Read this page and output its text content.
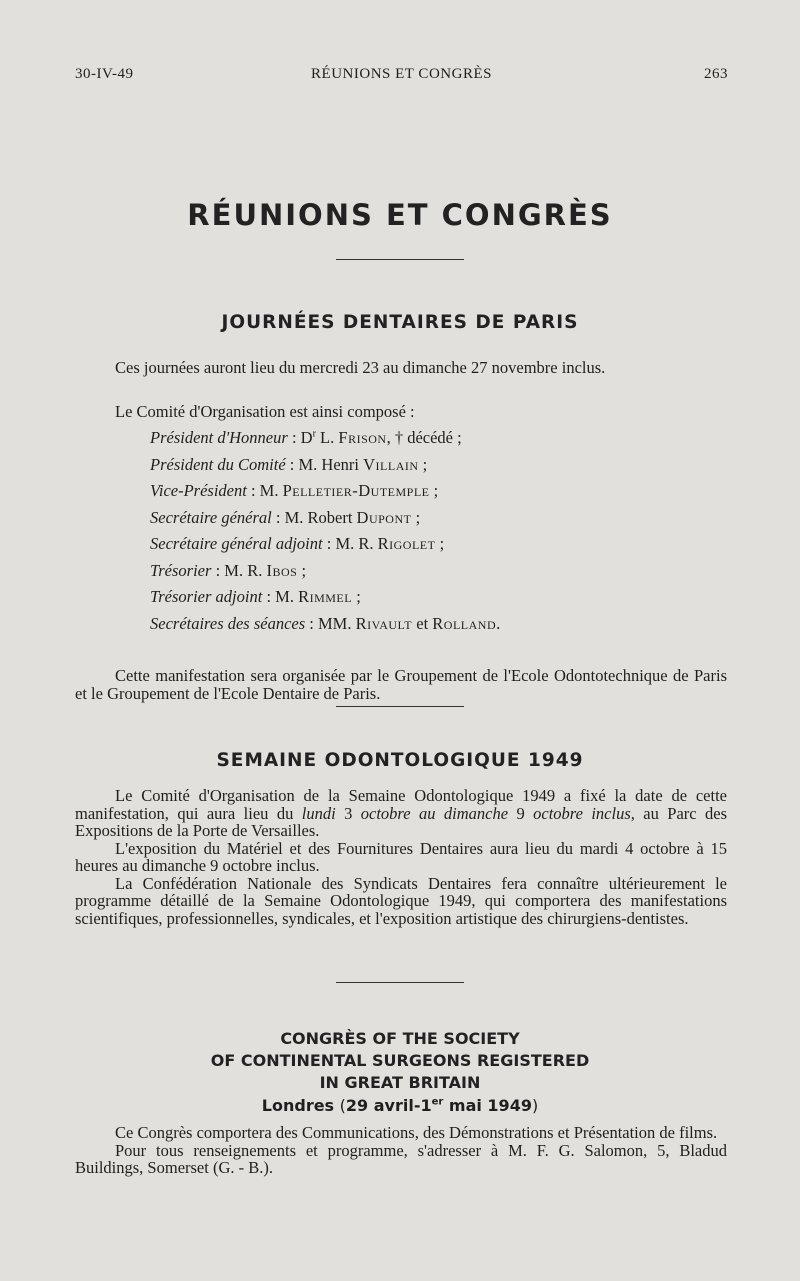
30-IV-49	RÉUNIONS ET CONGRÈS	263
RÉUNIONS ET CONGRÈS
JOURNÉES DENTAIRES DE PARIS

Ces journées auront lieu du mercredi 23 au dimanche 27 novembre inclus.

Le Comité d'Organisation est ainsi composé :

Président d'Honneur : $D^r$ L. Frison, † décédé ;
Président du Comité : M. Henri Villain ;
Vice-Président : M. Pelletier-Dutemple ;
Secrétaire général : M. Robert Dupont ;
Secrétaire général adjoint : M. R. Rigolet ;
Trésorier : M. R. Ibos ;
Trésorier adjoint : M. Rimmel ;
Secrétaires des séances : MM. Rivault et Rolland.

Cette manifestation sera organisée par le Groupement de l'Ecole Odontotechnique de Paris et le Groupement de l'Ecole Dentaire de Paris.

SEMAINE ODONTOLOGIQUE 1949

Le Comité d'Organisation de la Semaine Odontologique 1949 a fixé la date de cette manifestation, qui aura lieu du lundi 3 octobre au dimanche 9 octobre inclus, au Parc des Expositions de la Porte de Versailles.

L'exposition du Matériel et des Fournitures Dentaires aura lieu du mardi 4 octobre à 15 heures au dimanche 9 octobre inclus.

La Confédération Nationale des Syndicats Dentaires fera connaître ultérieurement le programme détaillé de la Semaine Odontologique 1949, qui comportera des manifestations scientifiques, professionnelles, syndicales, et l'exposition artistique des chirurgiens-dentistes.

CONGRÈS OF THE SOCIETY
OF CONTINENTAL SURGEONS REGISTERED
IN GREAT BRITAIN
Londres (29 avril-1er mai 1949)

Ce Congrès comportera des Communications, des Démonstrations et Présentation de films.

Pour tous renseignements et programme, s'adresser à M. F. G. Salomon, 5, Bladud Buildings, Somerset (G. - B.).
